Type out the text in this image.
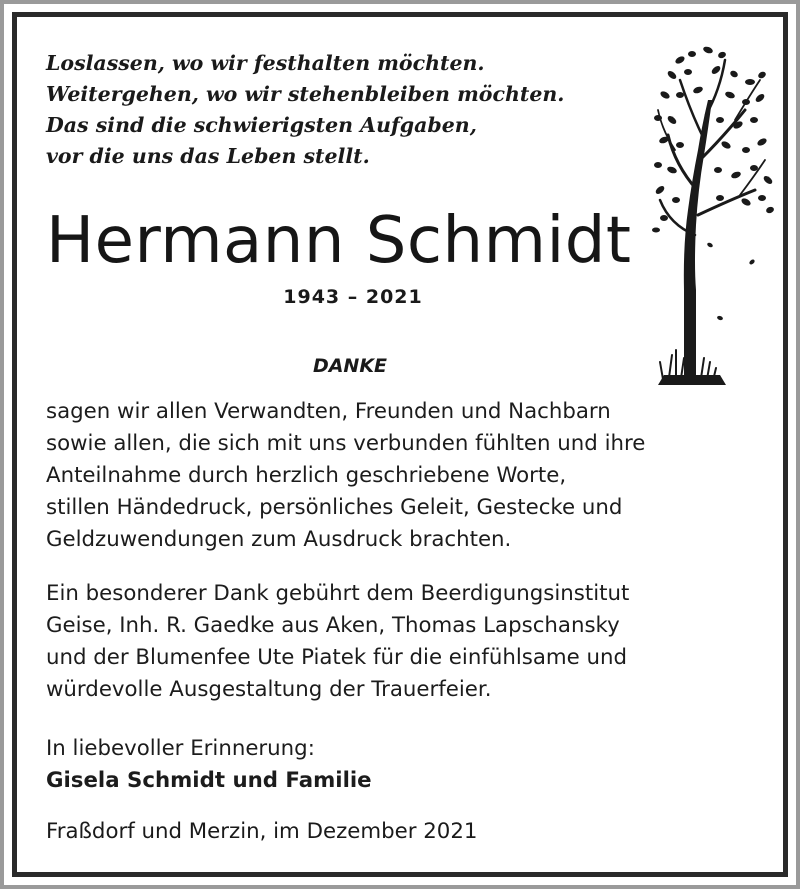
Loslassen, wo wir festhalten möchten.
Weitergehen, wo wir stehenbleiben möchten.
Das sind die schwierigsten Aufgaben,
vor die uns das Leben stellt.
Hermann Schmidt
1943 – 2021
DANKE
sagen wir allen Verwandten, Freunden und Nachbarn
sowie allen, die sich mit uns verbunden fühlten und ihre
Anteilnahme durch herzlich geschriebene Worte,
stillen Händedruck, persönliches Geleit, Gestecke und
Geldzuwendungen zum Ausdruck brachten.
Ein besonderer Dank gebührt dem Beerdigungsinstitut
Geise, Inh. R. Gaedke aus Aken, Thomas Lapschansky
und der Blumenfee Ute Piatek für die einfühlsame und
würdevolle Ausgestaltung der Trauerfeier.
In liebevoller Erinnerung:
Gisela Schmidt und Familie
Fraßdorf und Merzin, im Dezember 2021
